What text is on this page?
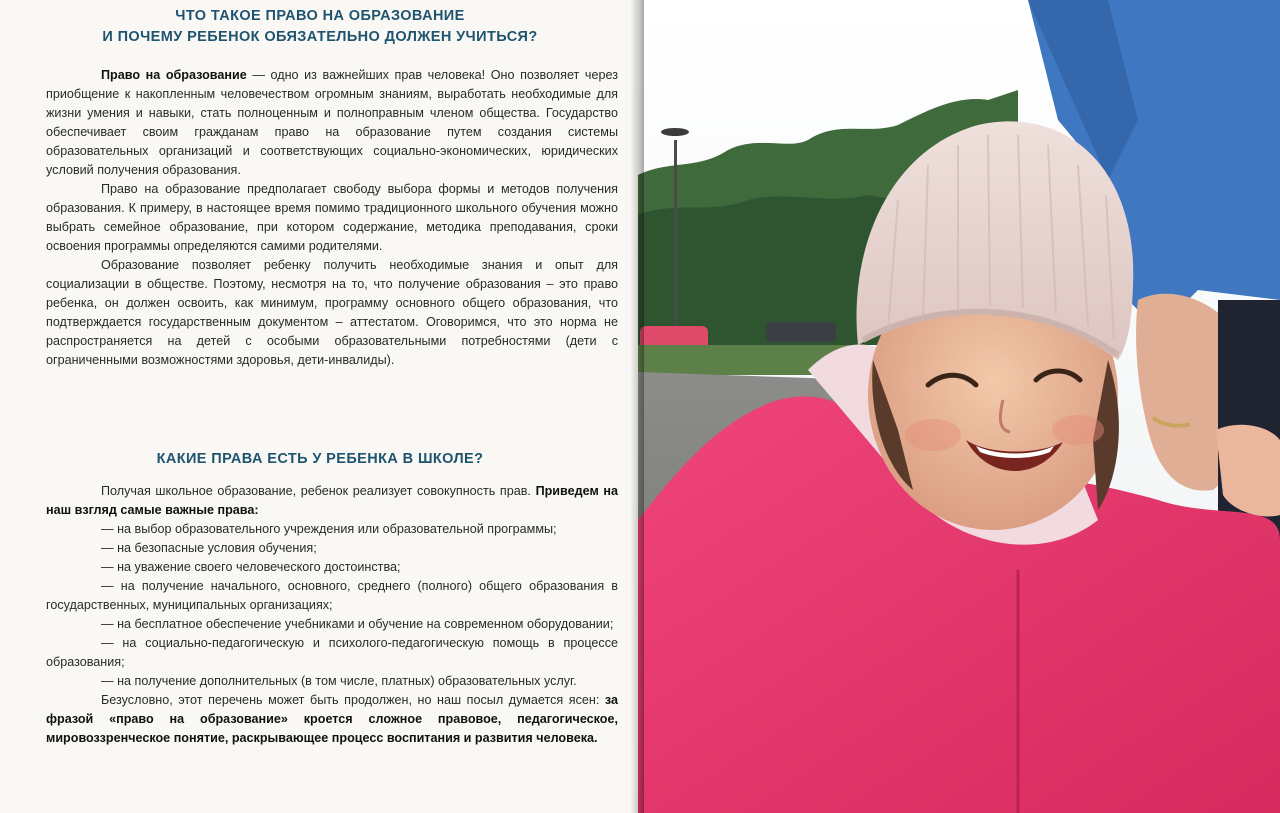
ЧТО ТАКОЕ ПРАВО НА ОБРАЗОВАНИЕ
И ПОЧЕМУ РЕБЕНОК ОБЯЗАТЕЛЬНО ДОЛЖЕН УЧИТЬСЯ?

Право на образование — одно из важнейших прав человека! Оно позволяет через приобщение к накопленным человечеством огромным знаниям, выработать необходимые для жизни умения и навыки, стать полноценным и полноправным членом общества. Государство обеспечивает своим гражданам право на образование путем создания системы образовательных организаций и соответствующих социально-экономических, юридических условий получения образования.

Право на образование предполагает свободу выбора формы и методов получения образования. К примеру, в настоящее время помимо традиционного школьного обучения можно выбрать семейное образование, при котором содержание, методика преподавания, сроки освоения программы определяются самими родителями.

Образование позволяет ребенку получить необходимые знания и опыт для социализации в обществе. Поэтому, несмотря на то, что получение образования – это право ребенка, он должен освоить, как минимум, программу основного общего образования, что подтверждается государственным документом – аттестатом. Оговоримся, что это норма не распространяется на детей с особыми образовательными потребностями (дети с ограниченными возможностями здоровья, дети-инвалиды).

КАКИЕ ПРАВА ЕСТЬ У РЕБЕНКА В ШКОЛЕ?

Получая школьное образование, ребенок реализует совокупность прав. Приведем на наш взгляд самые важные права:

— на выбор образовательного учреждения или образовательной программы;
— на безопасные условия обучения;
— на уважение своего человеческого достоинства;
— на получение начального, основного, среднего (полного) общего образования в государственных, муниципальных организациях;
— на бесплатное обеспечение учебниками и обучение на современном оборудовании;
— на социально-педагогическую и психолого-педагогическую помощь в процессе образования;
— на получение дополнительных (в том числе, платных) образовательных услуг.

Безусловно, этот перечень может быть продолжен, но наш посыл думается ясен: за фразой «право на образование» кроется сложное правовое, педагогическое, мировоззренческое понятие, раскрывающее процесс воспитания и развития человека.
